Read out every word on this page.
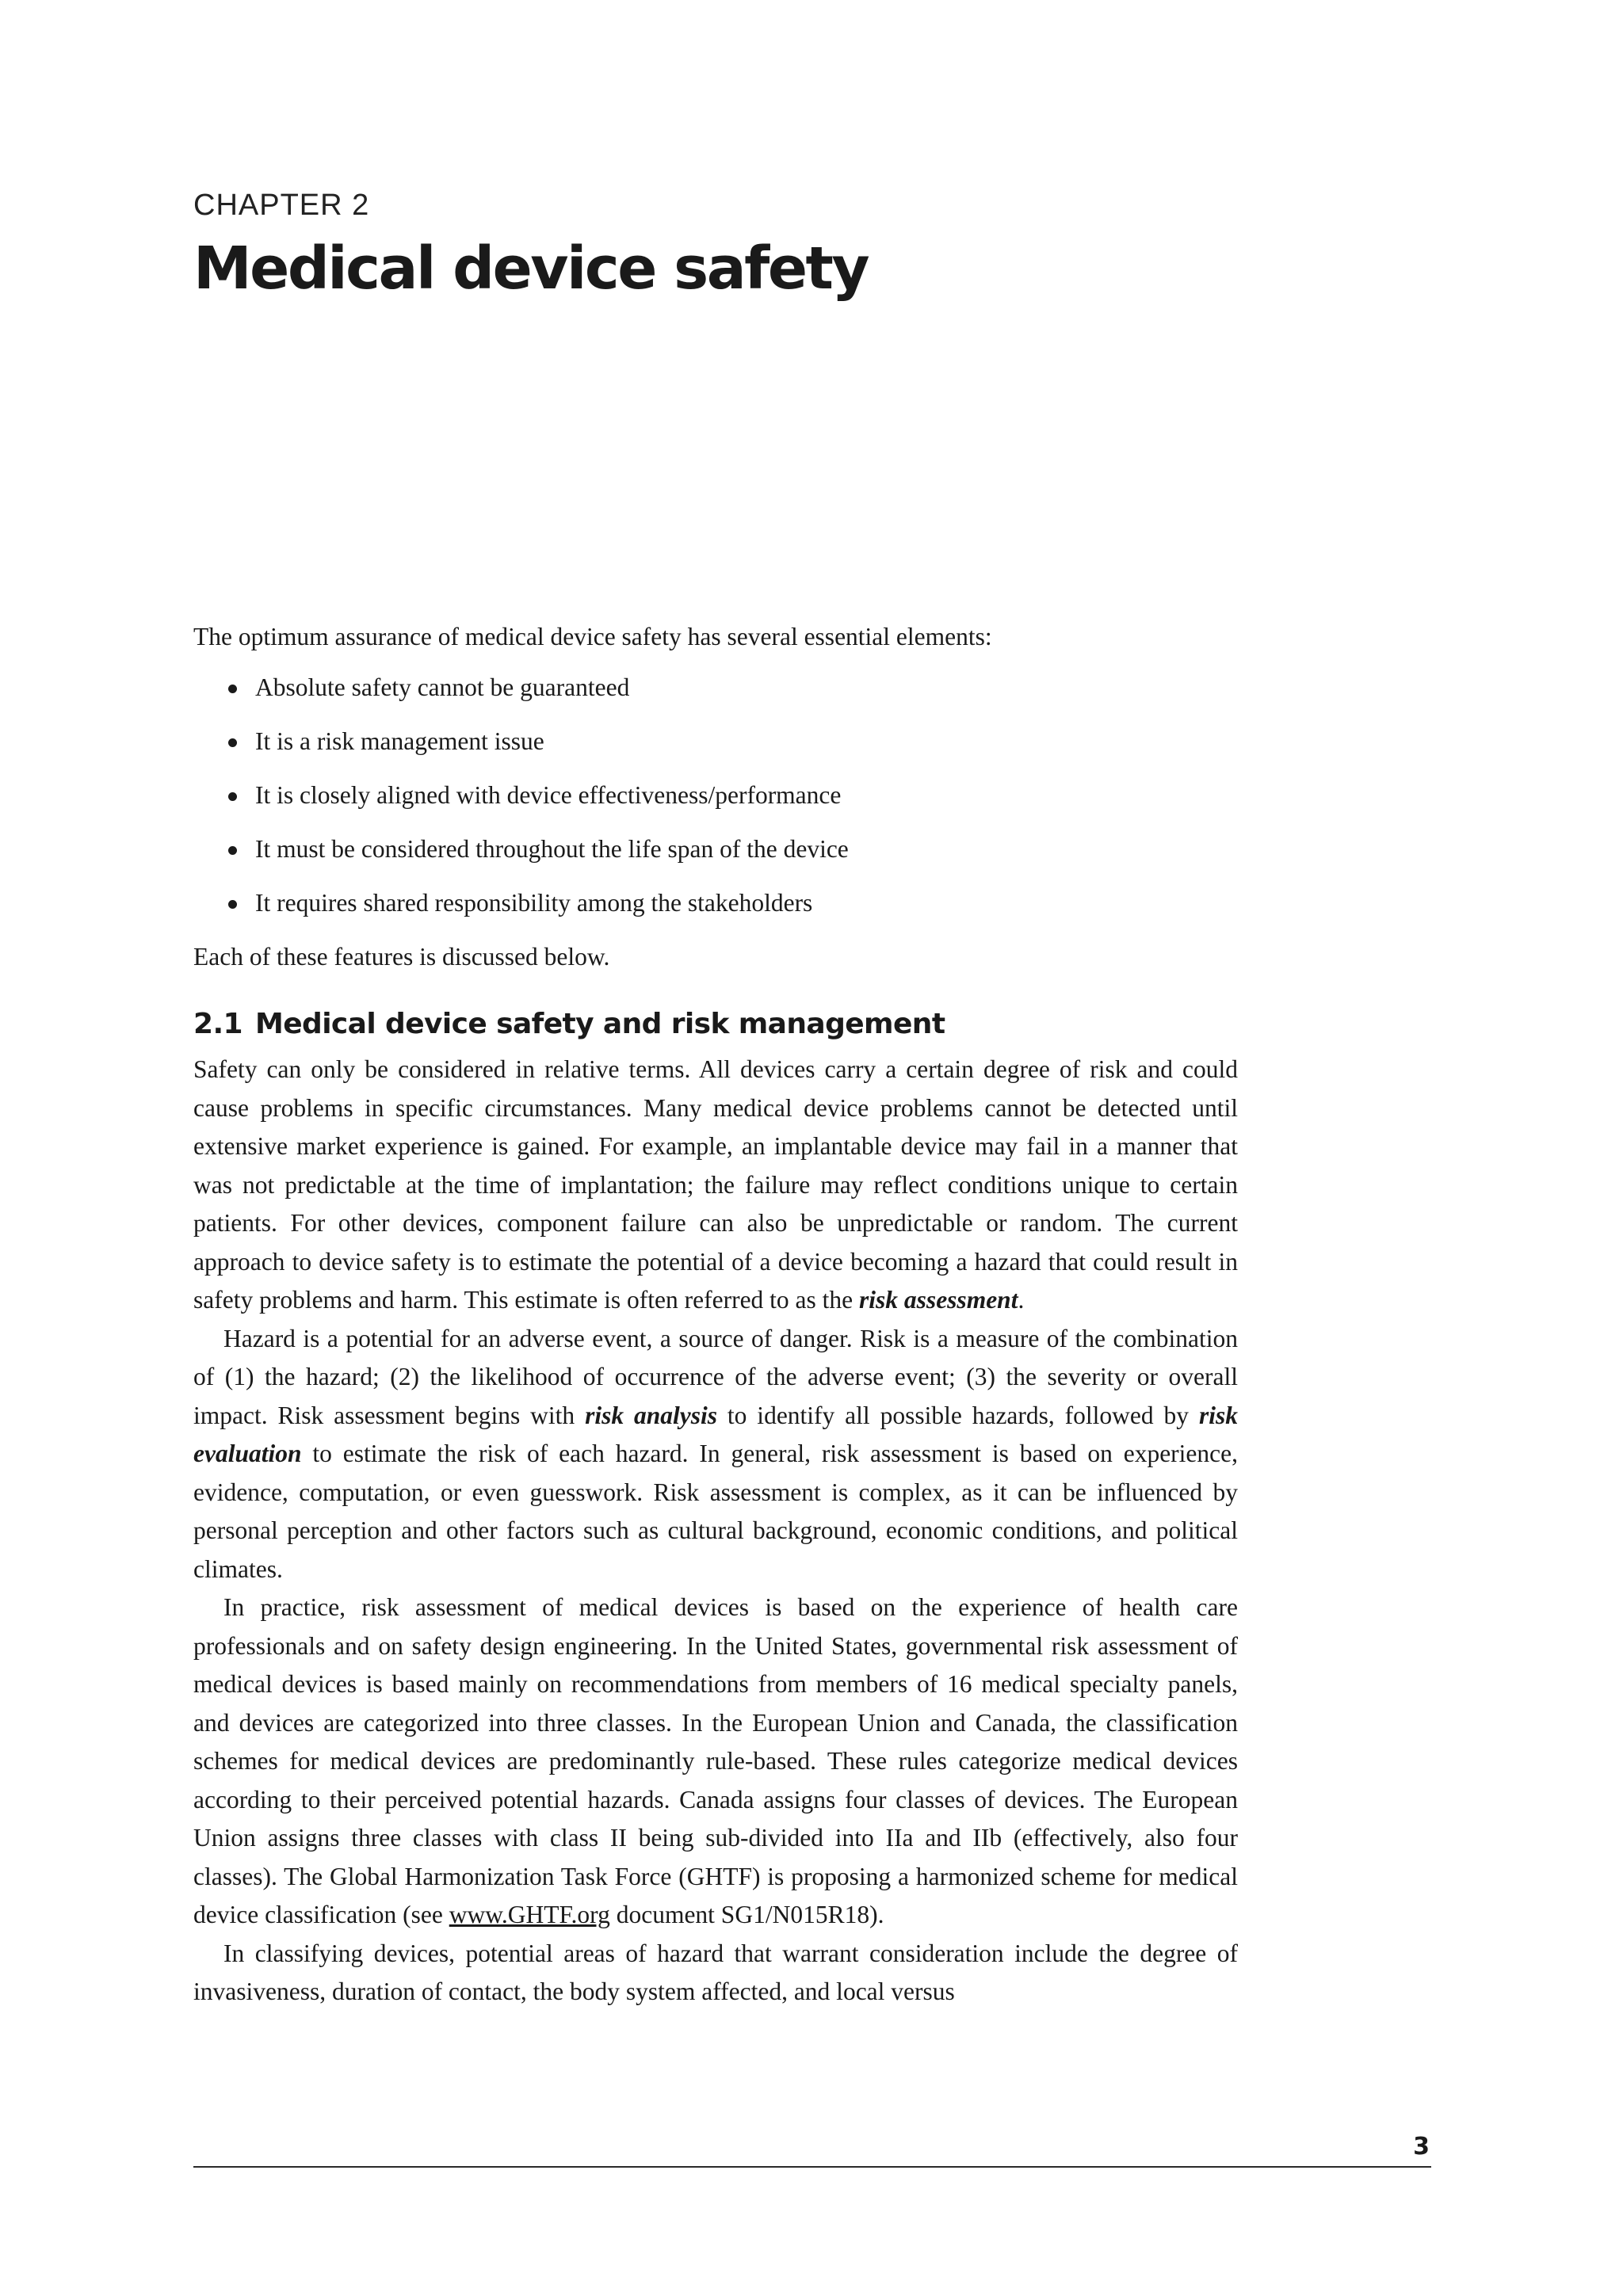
CHAPTER 2
Medical device safety

The optimum assurance of medical device safety has several essential elements:

Absolute safety cannot be guaranteed
It is a risk management issue
It is closely aligned with device effectiveness/performance
It must be considered throughout the life span of the device
It requires shared responsibility among the stakeholders

Each of these features is discussed below.

2.1 Medical device safety and risk management

Safety can only be considered in relative terms. All devices carry a certain degree of risk and could cause problems in specific circumstances. Many medical device problems cannot be detected until extensive market experience is gained. For example, an implantable device may fail in a manner that was not predictable at the time of implantation; the failure may reflect conditions unique to certain patients. For other devices, component failure can also be unpredictable or random. The current approach to device safety is to estimate the potential of a device becoming a hazard that could result in safety problems and harm. This estimate is often referred to as the risk assessment.

Hazard is a potential for an adverse event, a source of danger. Risk is a measure of the combination of (1) the hazard; (2) the likelihood of occurrence of the adverse event; (3) the severity or overall impact. Risk assessment begins with risk analysis to identify all possible hazards, followed by risk evaluation to estimate the risk of each hazard. In general, risk assessment is based on experience, evidence, computation, or even guesswork. Risk assessment is complex, as it can be influenced by personal perception and other factors such as cultural background, economic conditions, and political climates.

In practice, risk assessment of medical devices is based on the experience of health care professionals and on safety design engineering. In the United States, governmental risk assessment of medical devices is based mainly on recommendations from members of 16 medical specialty panels, and devices are categorized into three classes. In the European Union and Canada, the classification schemes for medical devices are predominantly rule-based. These rules categorize medical devices according to their perceived potential hazards. Canada assigns four classes of devices. The European Union assigns three classes with class II being sub-divided into IIa and IIb (effectively, also four classes). The Global Harmonization Task Force (GHTF) is proposing a harmonized scheme for medical device classification (see www.GHTF.org document SG1/N015R18).

In classifying devices, potential areas of hazard that warrant consideration include the degree of invasiveness, duration of contact, the body system affected, and local versus

3
